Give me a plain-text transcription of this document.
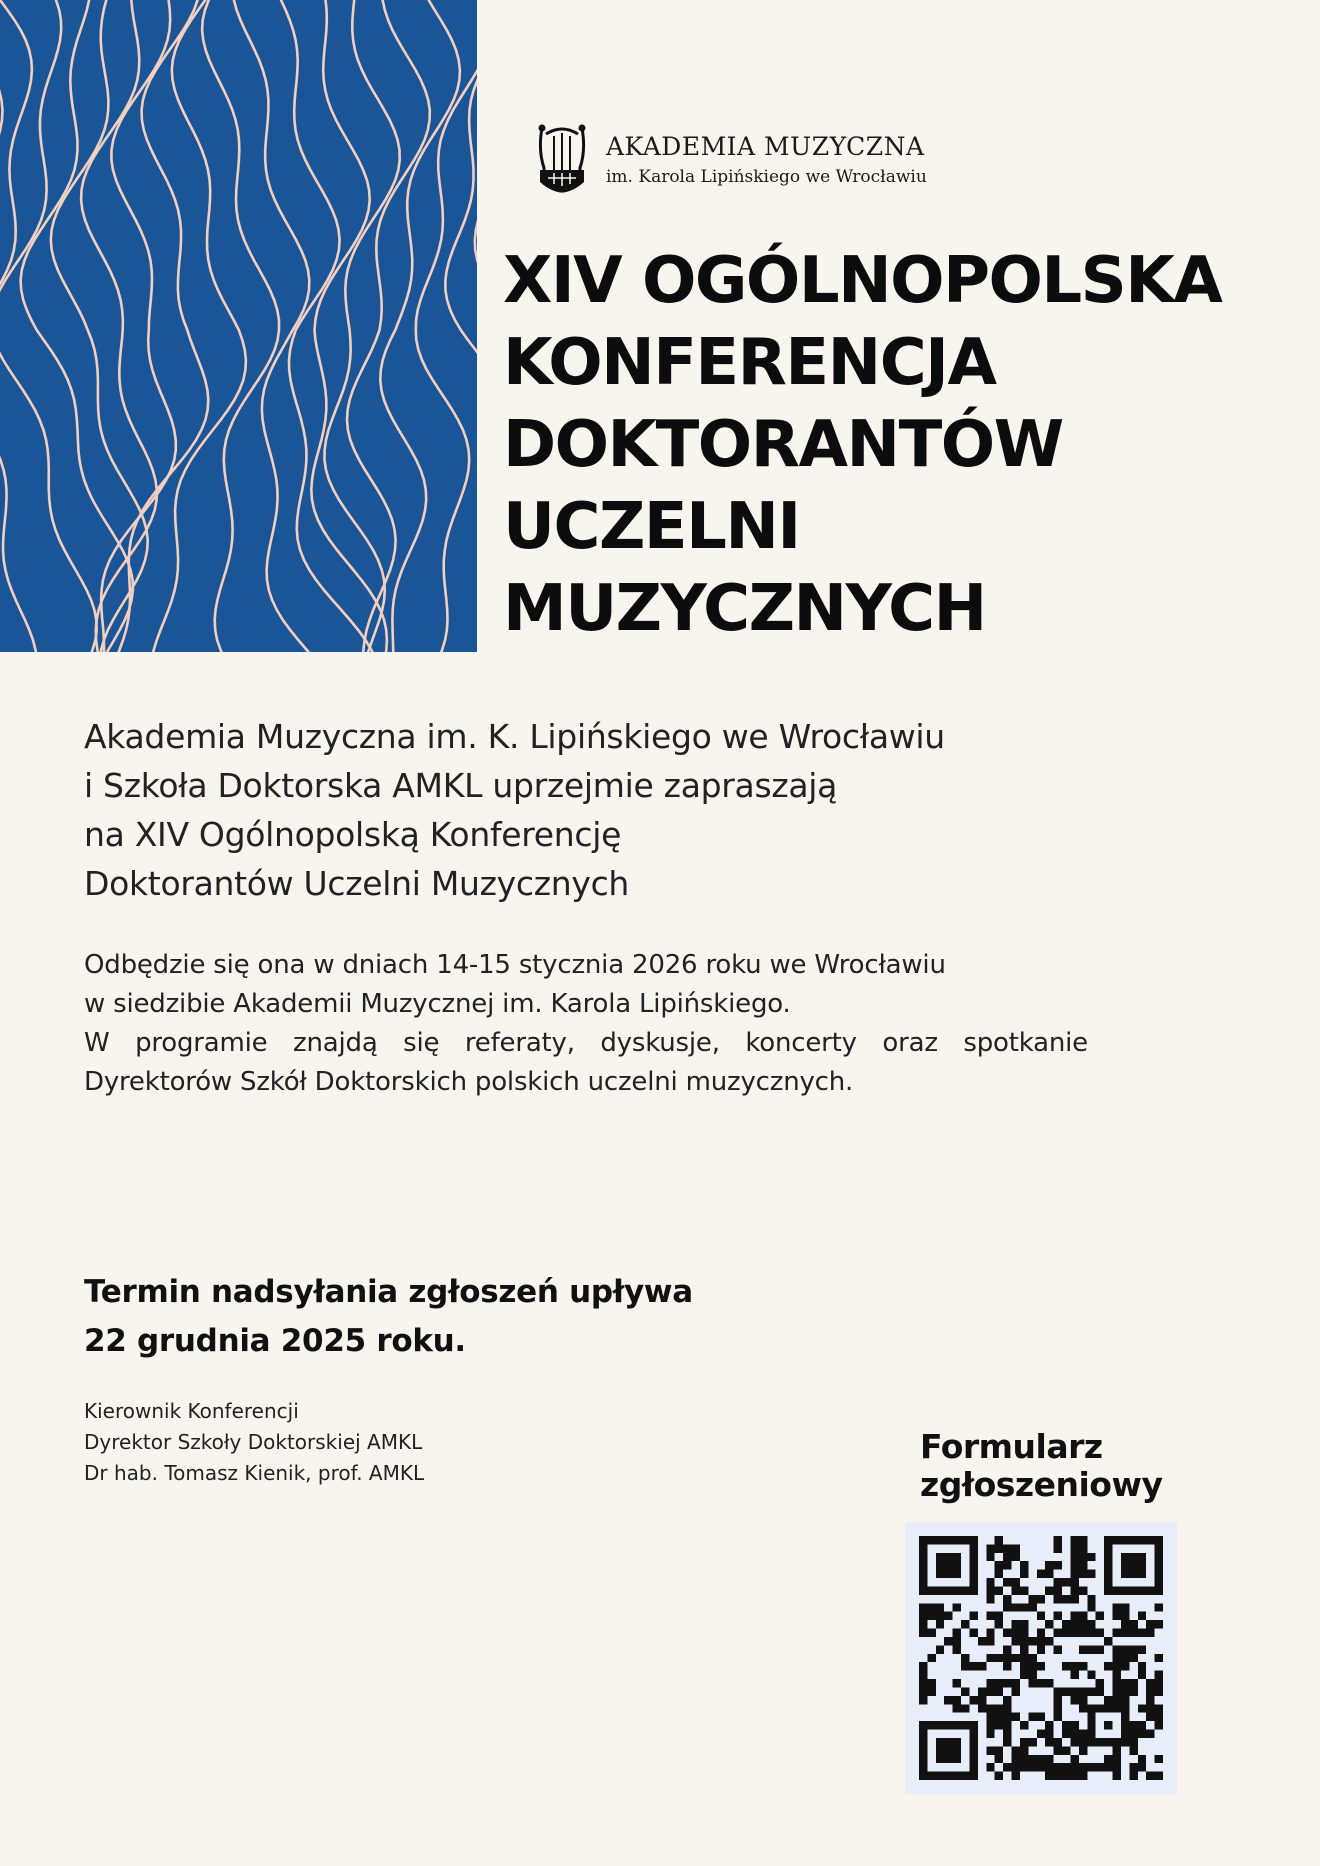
AKADEMIA MUZYCZNA
im. Karola Lipińskiego we Wrocławiu
XIV OGÓLNOPOLSKA
KONFERENCJA
DOKTORANTÓW
UCZELNI
MUZYCZNYCH
Akademia Muzyczna im. K. Lipińskiego we Wrocławiu
i Szkoła Doktorska AMKL uprzejmie zapraszają
na XIV Ogólnopolską Konferencję
Doktorantów Uczelni Muzycznych
Odbędzie się ona w dniach 14-15 stycznia 2026 roku we Wrocławiu
w siedzibie Akademii Muzycznej im. Karola Lipińskiego.
W programie znajdą się referaty, dyskusje, koncerty oraz spotkanie
Dyrektorów Szkół Doktorskich polskich uczelni muzycznych.
Termin nadsyłania zgłoszeń upływa
22 grudnia 2025 roku.
Kierownik Konferencji
Dyrektor Szkoły Doktorskiej AMKL
Dr hab. Tomasz Kienik, prof. AMKL
Formularz
zgłoszeniowy
